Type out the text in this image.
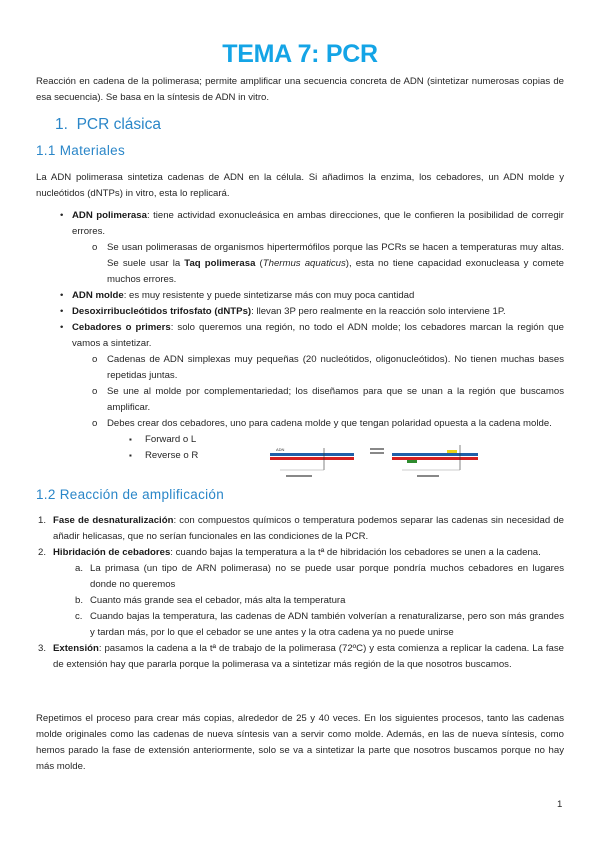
TEMA 7: PCR

Reacción en cadena de la polimerasa; permite amplificar una secuencia concreta de ADN (sintetizar numerosas copias de esa secuencia). Se basa en la síntesis de ADN in vitro.

1. PCR clásica
1.1 Materiales

La ADN polimerasa sintetiza cadenas de ADN en la célula. Si añadimos la enzima, los cebadores, un ADN molde y nucleótidos (dNTPs) in vitro, esta lo replicará.

• ADN polimerasa: tiene actividad exonucleásica en ambas direcciones, que le confieren la posibilidad de corregir errores.

o Se usan polimerasas de organismos hipertermófilos porque las PCRs se hacen a temperaturas muy altas. Se suele usar la Taq polimerasa (Thermus aquaticus), esta no tiene capacidad exonucleasa y comete muchos errores.

• ADN molde: es muy resistente y puede sintetizarse más con muy poca cantidad

• Desoxirribucleótidos trifosfato (dNTPs): llevan 3P pero realmente en la reacción solo interviene 1P.

• Cebadores o primers: solo queremos una región, no todo el ADN molde; los cebadores marcan la región que vamos a sintetizar.

o Cadenas de ADN simplexas muy pequeñas (20 nucleótidos, oligonucleótidos). No tienen muchas bases repetidas juntas.

o Se une al molde por complementariedad; los diseñamos para que se unan a la región que buscamos amplificar.

o Debes crear dos cebadores, uno para cadena molde y que tengan polaridad opuesta a la cadena molde.

▪ Forward o L
▪ Reverse o R
ADN
1.2 Reacción de amplificación
1. Fase de desnaturalización: con compuestos químicos o temperatura podemos separar las cadenas sin necesidad de añadir helicasas, que no serían funcionales en las condiciones de la PCR.

2. Hibridación de cebadores: cuando bajas la temperatura a la tª de hibridación los cebadores se unen a la cadena.

a. La primasa (un tipo de ARN polimerasa) no se puede usar porque pondría muchos cebadores en lugares donde no queremos

b. Cuanto más grande sea el cebador, más alta la temperatura

c. Cuando bajas la temperatura, las cadenas de ADN también volverían a renaturalizarse, pero son más grandes y tardan más, por lo que el cebador se une antes y la otra cadena ya no puede unirse

3. Extensión: pasamos la cadena a la tª de trabajo de la polimerasa (72ºC) y esta comienza a replicar la cadena. La fase de extensión hay que pararla porque la polimerasa va a sintetizar más región de la que nosotros buscamos.

Repetimos el proceso para crear más copias, alrededor de 25 y 40 veces. En los siguientes procesos, tanto las cadenas molde originales como las cadenas de nueva síntesis van a servir como molde. Además, en las de nueva síntesis, como hemos parado la fase de extensión anteriormente, solo se va a sintetizar la parte que nosotros buscamos porque no hay más molde.

1
